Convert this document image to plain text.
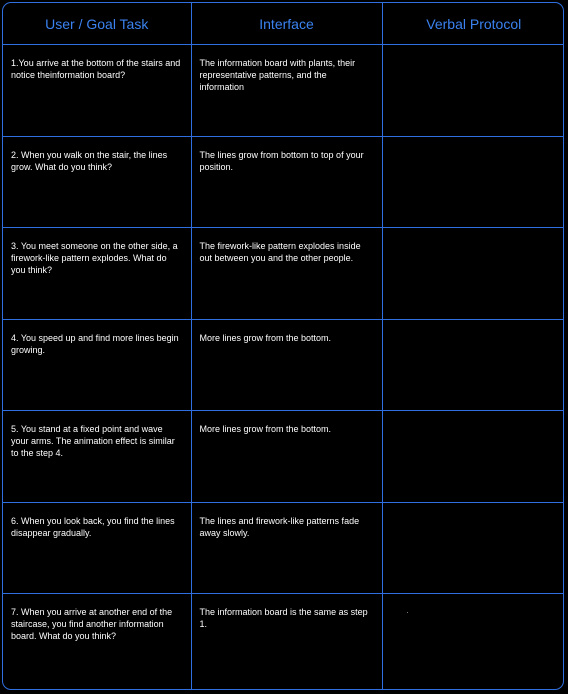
User / Goal Task	Interface	Verbal Protocol
1.You arrive at the bottom of the stairs and notice theinformation board?	The information board with plants, their representative patterns, and the information	
2. When you walk on the stair, the lines grow. What do you think?	The lines grow from bottom to top of your position.	
3. You meet someone on the other side, a firework-like pattern explodes. What do you think?	The firework-like pattern explodes inside out between you and the other people.	
4. You speed up and find more lines begin growing.	More lines grow from the bottom.	
5. You stand at a fixed point and wave your arms. The animation effect is similar to the step 4.	More lines grow from the bottom.	
6. When you look back, you find the lines disappear gradually.	The lines and firework-like patterns fade away slowly.	
7. When you arrive at another end of the staircase, you find another information board. What do you think?	The information board is the same as step 1.	
